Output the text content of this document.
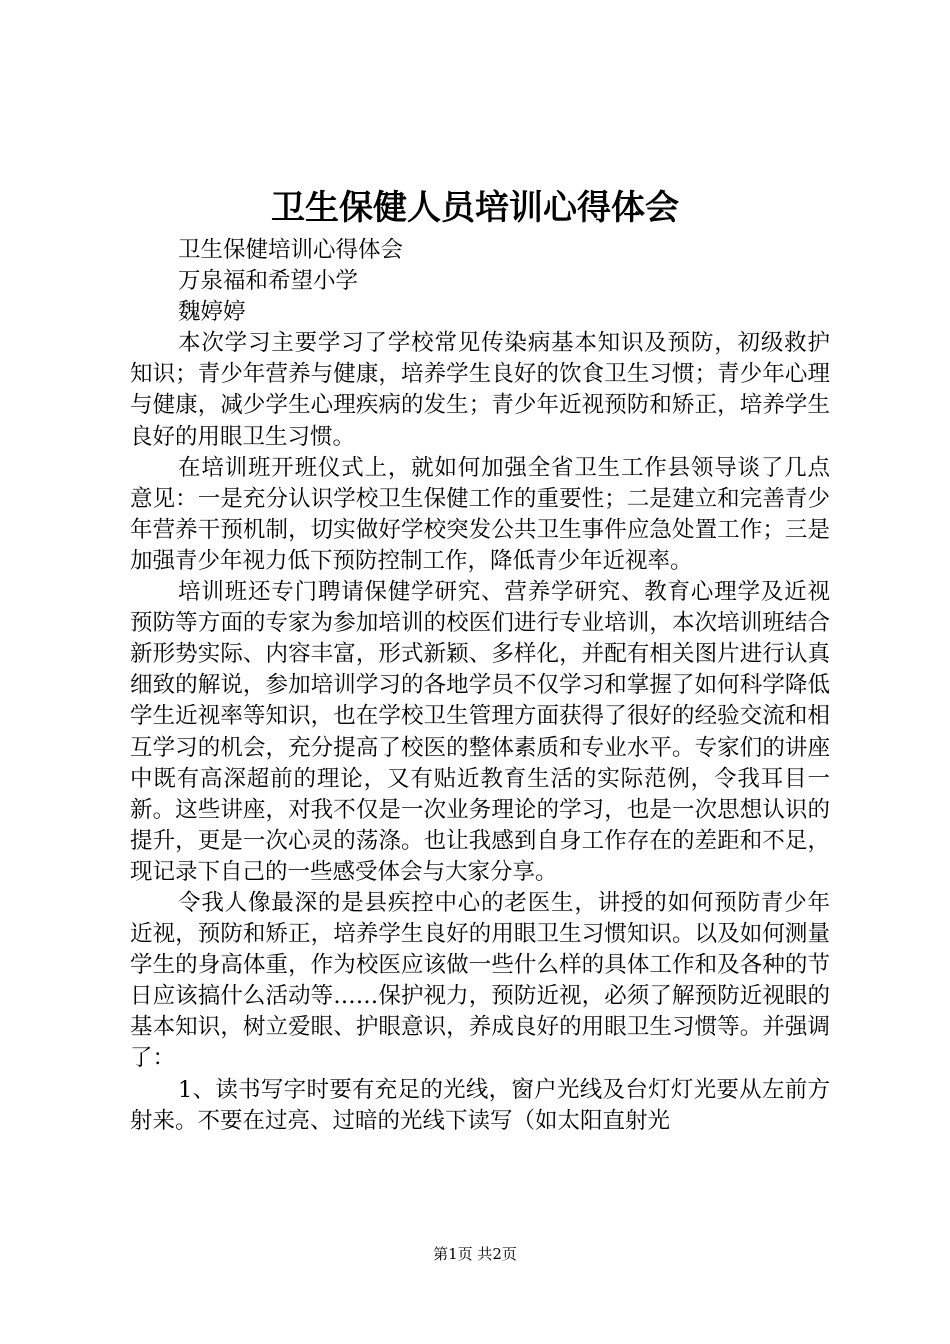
卫生保健人员培训心得体会

卫生保健培训心得体会

万泉福和希望小学

魏婷婷

本次学习主要学习了学校常见传染病基本知识及预防，初级救护知识；青少年营养与健康，培养学生良好的饮食卫生习惯；青少年心理与健康，减少学生心理疾病的发生；青少年近视预防和矫正，培养学生良好的用眼卫生习惯。

在培训班开班仪式上，就如何加强全省卫生工作县领导谈了几点意见：一是充分认识学校卫生保健工作的重要性；二是建立和完善青少年营养干预机制，切实做好学校突发公共卫生事件应急处置工作；三是加强青少年视力低下预防控制工作，降低青少年近视率。

培训班还专门聘请保健学研究、营养学研究、教育心理学及近视预防等方面的专家为参加培训的校医们进行专业培训，本次培训班结合新形势实际、内容丰富，形式新颖、多样化，并配有相关图片进行认真细致的解说，参加培训学习的各地学员不仅学习和掌握了如何科学降低学生近视率等知识，也在学校卫生管理方面获得了很好的经验交流和相互学习的机会，充分提高了校医的整体素质和专业水平。专家们的讲座中既有高深超前的理论，又有贴近教育生活的实际范例，令我耳目一新。这些讲座，对我不仅是一次业务理论的学习，也是一次思想认识的提升，更是一次心灵的荡涤。也让我感到自身工作存在的差距和不足，现记录下自己的一些感受体会与大家分享。

令我人像最深的是县疾控中心的老医生，讲授的如何预防青少年近视，预防和矫正，培养学生良好的用眼卫生习惯知识。以及如何测量学生的身高体重，作为校医应该做一些什么样的具体工作和及各种的节日应该搞什么活动等……保护视力，预防近视，必须了解预防近视眼的基本知识，树立爱眼、护眼意识，养成良好的用眼卫生习惯等。并强调了：

1、读书写字时要有充足的光线，窗户光线及台灯灯光要从左前方射来。不要在过亮、过暗的光线下读写（如太阳直射光

第1页 共2页
